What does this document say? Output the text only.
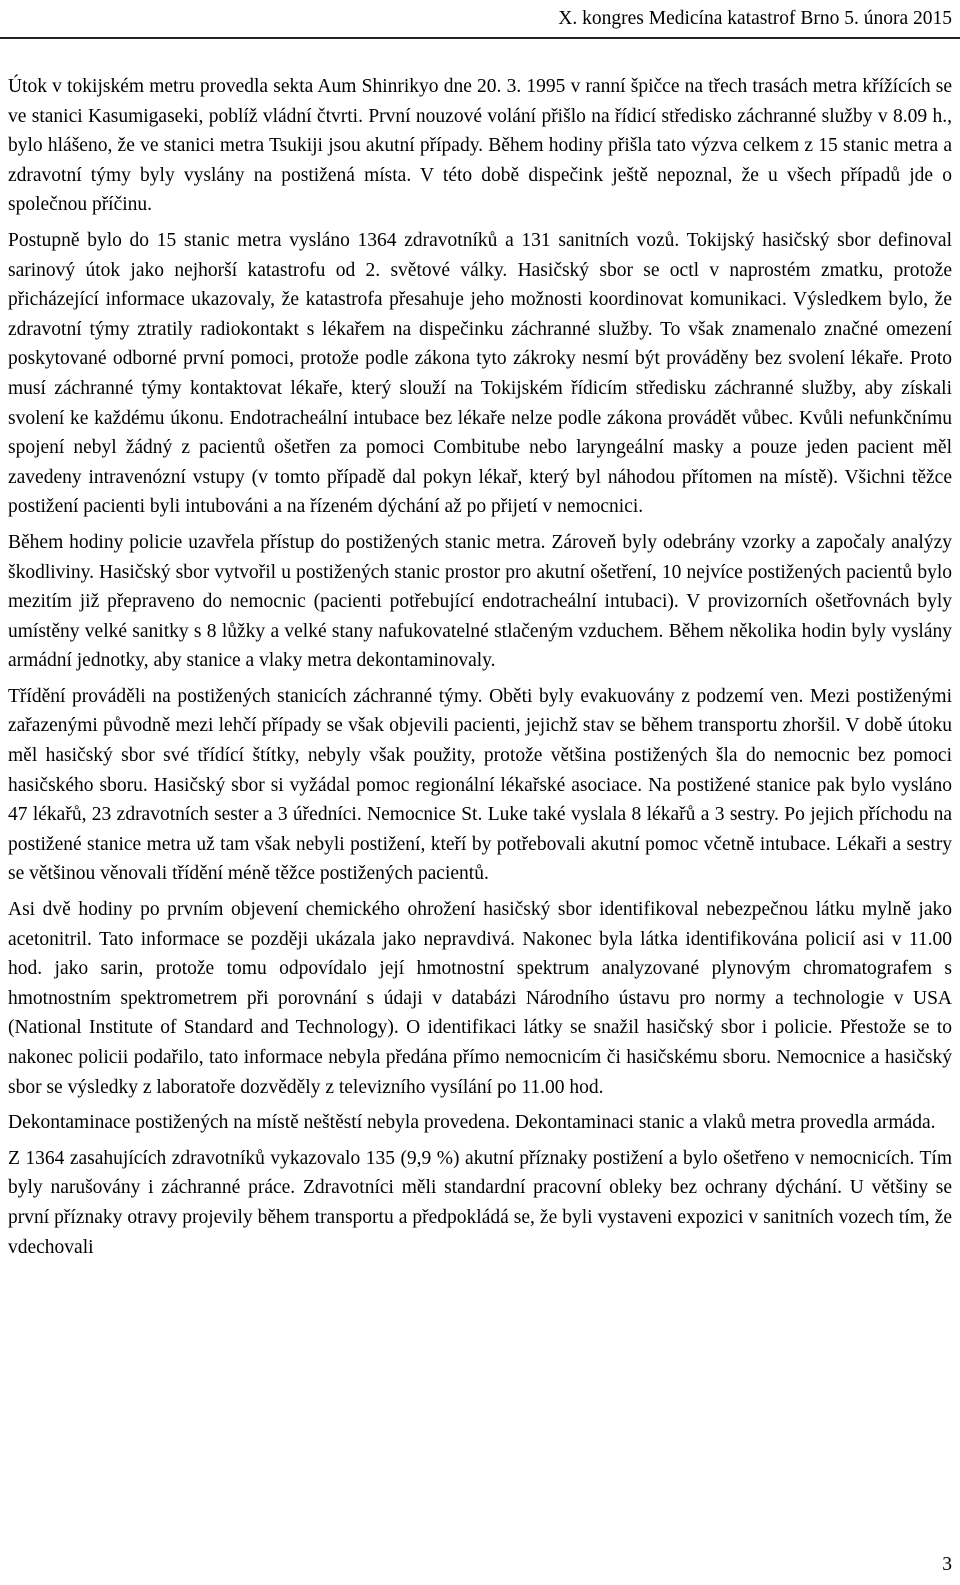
X. kongres Medicína katastrof Brno 5. února 2015

Útok v tokijském metru provedla sekta Aum Shinrikyo dne 20. 3. 1995 v ranní špičce na třech trasách metra křížících se ve stanici Kasumigaseki, poblíž vládní čtvrti. První nouzové volání přišlo na řídicí středisko záchranné služby v 8.09 h., bylo hlášeno, že ve stanici metra Tsukiji jsou akutní případy. Během hodiny přišla tato výzva celkem z 15 stanic metra a zdravotní týmy byly vyslány na postižená místa. V této době dispečink ještě nepoznal, že u všech případů jde o společnou příčinu.

Postupně bylo do 15 stanic metra vysláno 1364 zdravotníků a 131 sanitních vozů. Tokijský hasičský sbor definoval sarinový útok jako nejhorší katastrofu od 2. světové války. Hasičský sbor se octl v naprostém zmatku, protože přicházející informace ukazovaly, že katastrofa přesahuje jeho možnosti koordinovat komunikaci. Výsledkem bylo, že zdravotní týmy ztratily radiokontakt s lékařem na dispečinku záchranné služby. To však znamenalo značné omezení poskytované odborné první pomoci, protože podle zákona tyto zákroky nesmí být prováděny bez svolení lékaře. Proto musí záchranné týmy kontaktovat lékaře, který slouží na Tokijském řídicím středisku záchranné služby, aby získali svolení ke každému úkonu. Endotracheální intubace bez lékaře nelze podle zákona provádět vůbec. Kvůli nefunkčnímu spojení nebyl žádný z pacientů ošetřen za pomoci Combitube nebo laryngeální masky a pouze jeden pacient měl zavedeny intravenózní vstupy (v tomto případě dal pokyn lékař, který byl náhodou přítomen na místě). Všichni těžce postižení pacienti byli intubováni a na řízeném dýchání až po přijetí v nemocnici.

Během hodiny policie uzavřela přístup do postižených stanic metra. Zároveň byly odebrány vzorky a započaly analýzy škodliviny. Hasičský sbor vytvořil u postižených stanic prostor pro akutní ošetření, 10 nejvíce postižených pacientů bylo mezitím již přepraveno do nemocnic (pacienti potřebující endotracheální intubaci). V provizorních ošetřovnách byly umístěny velké sanitky s 8 lůžky a velké stany nafukovatelné stlačeným vzduchem. Během několika hodin byly vyslány armádní jednotky, aby stanice a vlaky metra dekontaminovaly.

Třídění prováděli na postižených stanicích záchranné týmy. Oběti byly evakuovány z podzemí ven. Mezi postiženými zařazenými původně mezi lehčí případy se však objevili pacienti, jejichž stav se během transportu zhoršil. V době útoku měl hasičský sbor své třídící štítky, nebyly však použity, protože většina postižených šla do nemocnic bez pomoci hasičského sboru. Hasičský sbor si vyžádal pomoc regionální lékařské asociace. Na postižené stanice pak bylo vysláno 47 lékařů, 23 zdravotních sester a 3 úředníci. Nemocnice St. Luke také vyslala 8 lékařů a 3 sestry. Po jejich příchodu na postižené stanice metra už tam však nebyli postižení, kteří by potřebovali akutní pomoc včetně intubace. Lékaři a sestry se většinou věnovali třídění méně těžce postižených pacientů.

Asi dvě hodiny po prvním objevení chemického ohrožení hasičský sbor identifikoval nebezpečnou látku mylně jako acetonitril. Tato informace se později ukázala jako nepravdivá. Nakonec byla látka identifikována policií asi v 11.00 hod. jako sarin, protože tomu odpovídalo její hmotnostní spektrum analyzované plynovým chromatografem s hmotnostním spektrometrem při porovnání s údaji v databázi Národního ústavu pro normy a technologie v USA (National Institute of Standard and Technology). O identifikaci látky se snažil hasičský sbor i policie. Přestože se to nakonec policii podařilo, tato informace nebyla předána přímo nemocnicím či hasičskému sboru. Nemocnice a hasičský sbor se výsledky z laboratoře dozvěděly z televizního vysílání po 11.00 hod.

Dekontaminace postižených na místě neštěstí nebyla provedena. Dekontaminaci stanic a vlaků metra provedla armáda.

Z 1364 zasahujících zdravotníků vykazovalo 135 (9,9 %) akutní příznaky postižení a bylo ošetřeno v nemocnicích. Tím byly narušovány i záchranné práce. Zdravotníci měli standardní pracovní obleky bez ochrany dýchání. U většiny se první příznaky otravy projevily během transportu a předpokládá se, že byli vystaveni expozici v sanitních vozech tím, že vdechovali

3
